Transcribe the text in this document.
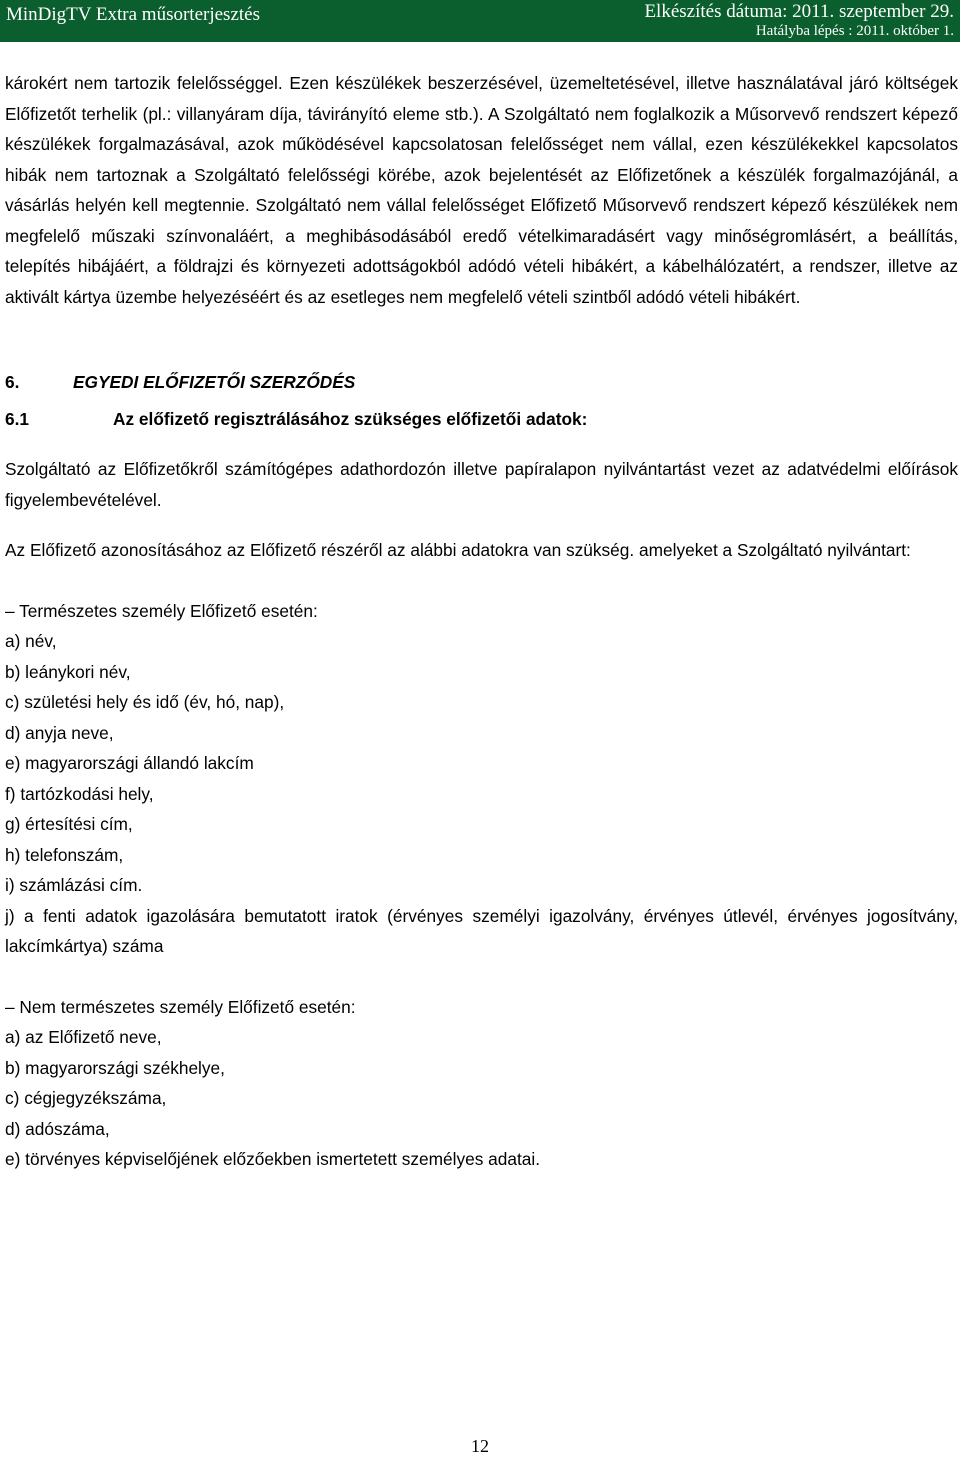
MinDigTV Extra műsorterjesztés	Elkészítés dátuma: 2011. szeptember 29.
Hatályba lépés : 2011. október 1.

károkért nem tartozik felelősséggel. Ezen készülékek beszerzésével, üzemeltetésével, illetve használatával járó költségek Előfizetőt terhelik (pl.: villanyáram díja, távirányító eleme stb.). A Szolgáltató nem foglalkozik a Műsorvevő rendszert képező készülékek forgalmazásával, azok működésével kapcsolatosan felelősséget nem vállal, ezen készülékekkel kapcsolatos hibák nem tartoznak a Szolgáltató felelősségi körébe, azok bejelentését az Előfizetőnek a készülék forgalmazójánál, a vásárlás helyén kell megtennie. Szolgáltató nem vállal felelősséget Előfizető Műsorvevő rendszert képező készülékek nem megfelelő műszaki színvonaláért, a meghibásodásából eredő vételkimaradásért vagy minőségromlásért, a beállítás, telepítés hibájáért, a földrajzi és környezeti adottságokból adódó vételi hibákért, a kábelhálózatért, a rendszer, illetve az aktivált kártya üzembe helyezéséért és az esetleges nem megfelelő vételi szintből adódó vételi hibákért.

6.	EGYEDI ELŐFIZETŐI SZERZŐDÉS

6.1	Az előfizető regisztrálásához szükséges előfizetői adatok:

Szolgáltató az Előfizetőkről számítógépes adathordozón illetve papíralapon nyilvántartást vezet az adatvédelmi előírások figyelembevételével.

Az Előfizető azonosításához az Előfizető részéről az alábbi adatokra van szükség. amelyeket a Szolgáltató nyilvántart:

– Természetes személy Előfizető esetén:

a) név,
b) leánykori név,
c) születési hely és idő (év, hó, nap),
d) anyja neve,
e) magyarországi állandó lakcím
f) tartózkodási hely,
g) értesítési cím,
h) telefonszám,
i) számlázási cím.
j) a fenti adatok igazolására bemutatott iratok (érvényes személyi igazolvány, érvényes útlevél, érvényes jogosítvány, lakcímkártya) száma

– Nem természetes személy Előfizető esetén:

a) az Előfizető neve,
b) magyarországi székhelye,
c) cégjegyzékszáma,
d) adószáma,
e) törvényes képviselőjének előzőekben ismertetett személyes adatai.
12
